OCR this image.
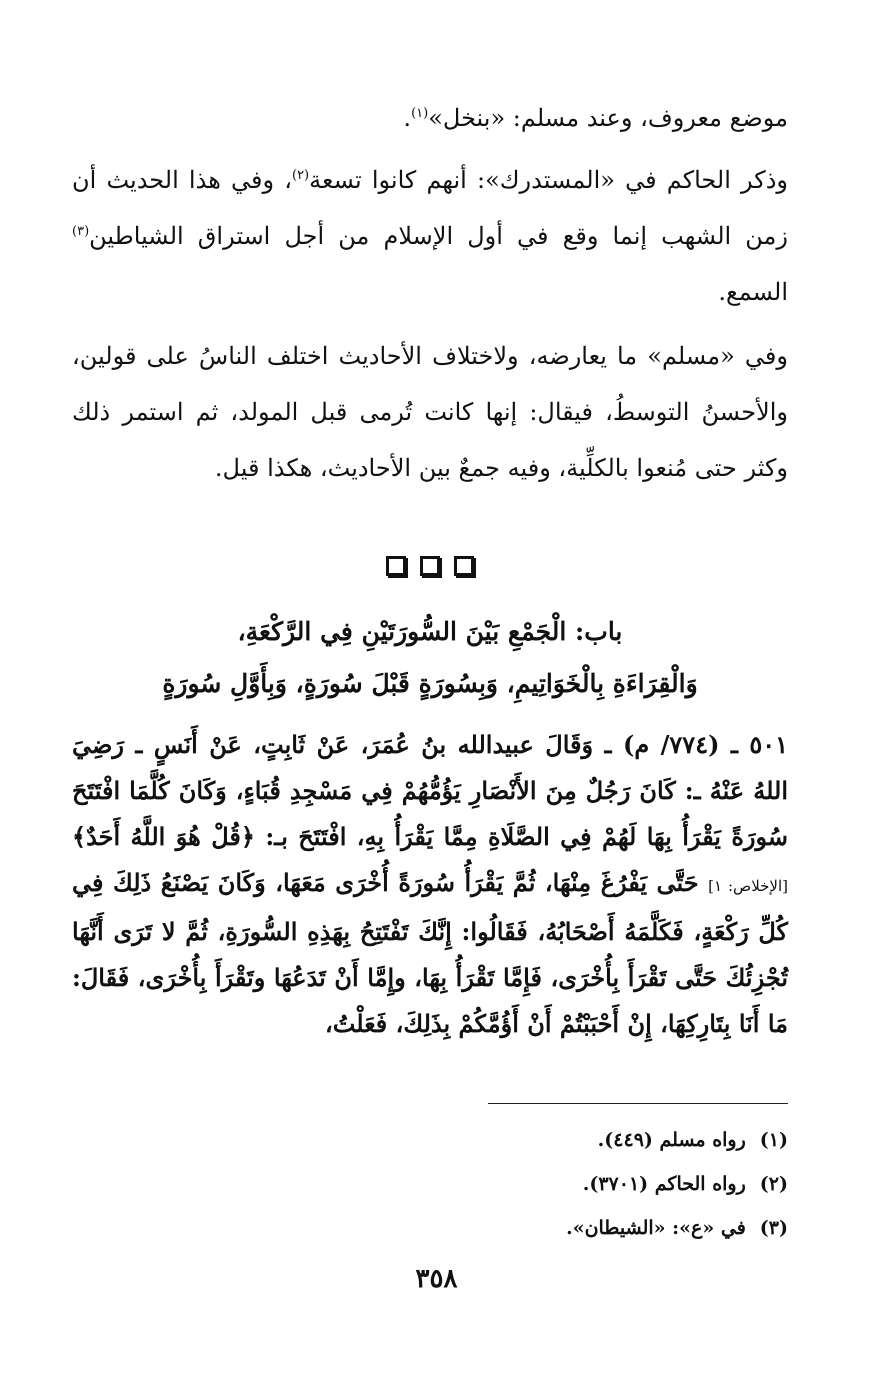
موضع معروف، وعند مسلم: «بنخل»$^{(١)}$.

وذكر الحاكم في «المستدرك»: أنهم كانوا تسعة$^{(٢)}$، وفي هذا الحديث أن زمن الشهب إنما وقع في أول الإسلام من أجل استراق الشياطين$^{(٣)}$ السمع.

وفي «مسلم» ما يعارضه، ولاختلاف الأحاديث اختلف الناسُ على قولين، والأحسنُ التوسطُ، فيقال: إنها كانت تُرمى قبل المولد، ثم استمر ذلك وكثر حتى مُنعوا بالكلِّية، وفيه جمعٌ بين الأحاديث، هكذا قيل.

باب: الْجَمْعِ بَيْنَ السُّورَتَيْنِ فِي الرَّكْعَةِ،
وَالْقِرَاءَةِ بِالْخَوَاتِيمِ، وَبِسُورَةٍ قَبْلَ سُورَةٍ، وَبِأَوَّلِ سُورَةٍ

٥٠١ ـ (٧٧٤/ م) ـ وَقَالَ عبيدالله بنُ عُمَرَ، عَنْ ثَابِتٍ، عَنْ أَنَسٍ ـ رَضِيَ اللهُ عَنْهُ ـ: كَانَ رَجُلٌ مِنَ الأَنْصَارِ يَؤُمُّهُمْ فِي مَسْجِدِ قُبَاءٍ، وَكَانَ كُلَّمَا افْتَتَحَ سُورَةً يَقْرَأُ بِهَا لَهُمْ فِي الصَّلَاةِ مِمَّا يَقْرَأُ بِهِ، افْتَتَحَ بـ: ﴿قُلْ هُوَ اللَّهُ أَحَدٌ﴾[الإخلاص: ١] حَتَّى يَفْرُغَ مِنْهَا، ثُمَّ يَقْرَأُ سُورَةً أُخْرَى مَعَهَا، وَكَانَ يَصْنَعُ ذَلِكَ فِي كُلِّ رَكْعَةٍ، فَكَلَّمَهُ أَصْحَابُهُ، فَقَالُوا: إِنَّكَ تَفْتَتِحُ بِهَذِهِ السُّورَةِ، ثُمَّ لا تَرَى أَنَّهَا تُجْزِئُكَ حَتَّى تَقْرَأَ بِأُخْرَى، فَإِمَّا تَقْرَأُ بِهَا، وإِمَّا أَنْ تَدَعُهَا وتَقْرَأَ بِأُخْرَى، فَقَالَ: مَا أَنَا بِتَارِكِهَا، إِنْ أَحْبَبْتُمْ أَنْ أَؤُمَّكُمْ بِذَلِكَ، فَعَلْتُ،

(١)رواه مسلم (٤٤٩).
(٢)رواه الحاكم (٣٧٠١).
(٣)في «ع»: «الشيطان».
٣٥٨
